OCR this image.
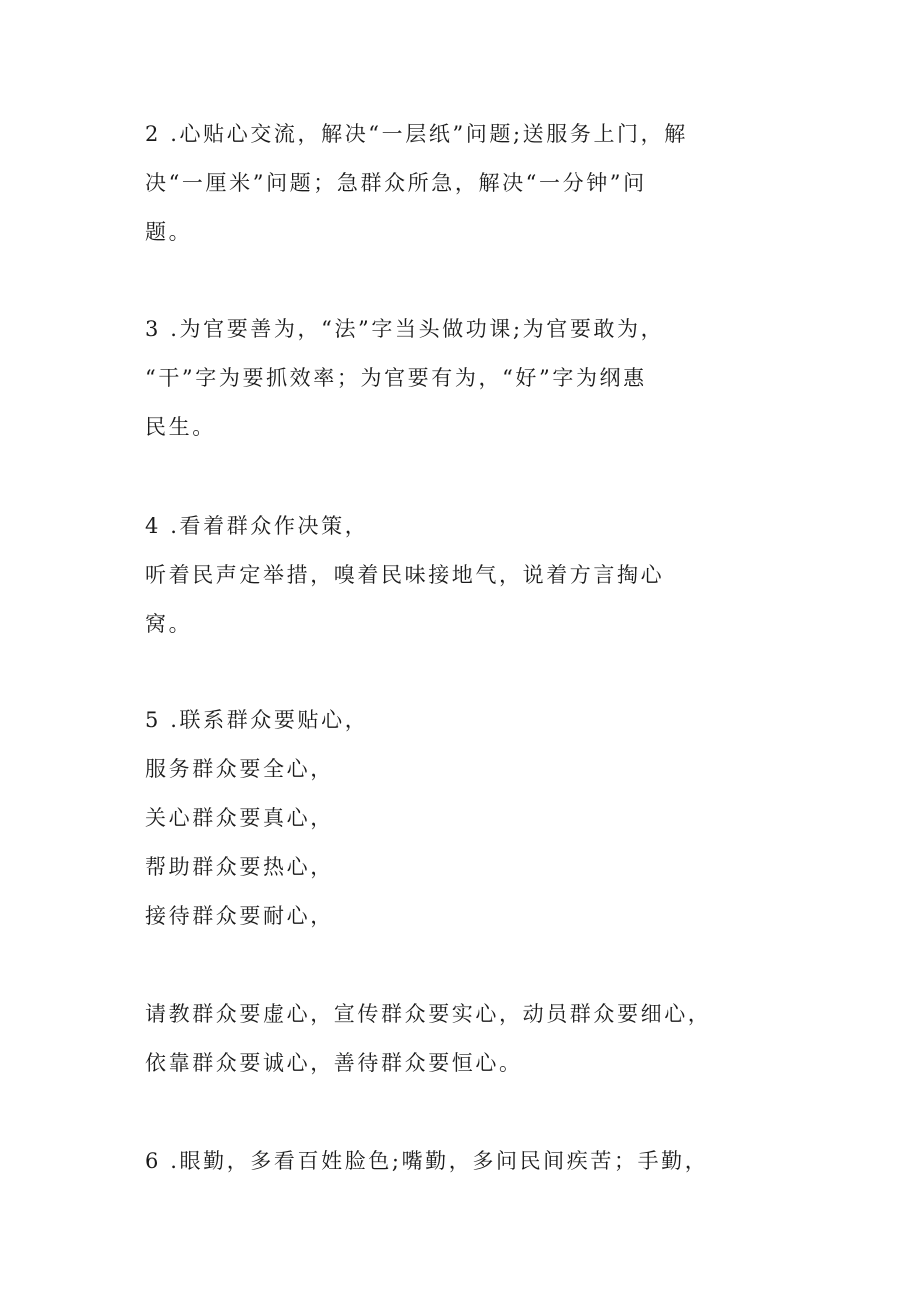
2 .心贴心交流，解决“一层纸”问题;送服务上门，解
决“一厘米”问题；急群众所急，解决“一分钟”问
题。
3 .为官要善为，“法”字当头做功课;为官要敢为，
“干”字为要抓效率；为官要有为，“好”字为纲惠
民生。
4 .看着群众作决策，
听着民声定举措，嗅着民味接地气，说着方言掏心
窝。
5 .联系群众要贴心，
服务群众要全心，
关心群众要真心，
帮助群众要热心，
接待群众要耐心，
请教群众要虚心，宣传群众要实心，动员群众要细心，
依靠群众要诚心，善待群众要恒心。
6 .眼勤，多看百姓脸色;嘴勤，多问民间疾苦；手勤，
